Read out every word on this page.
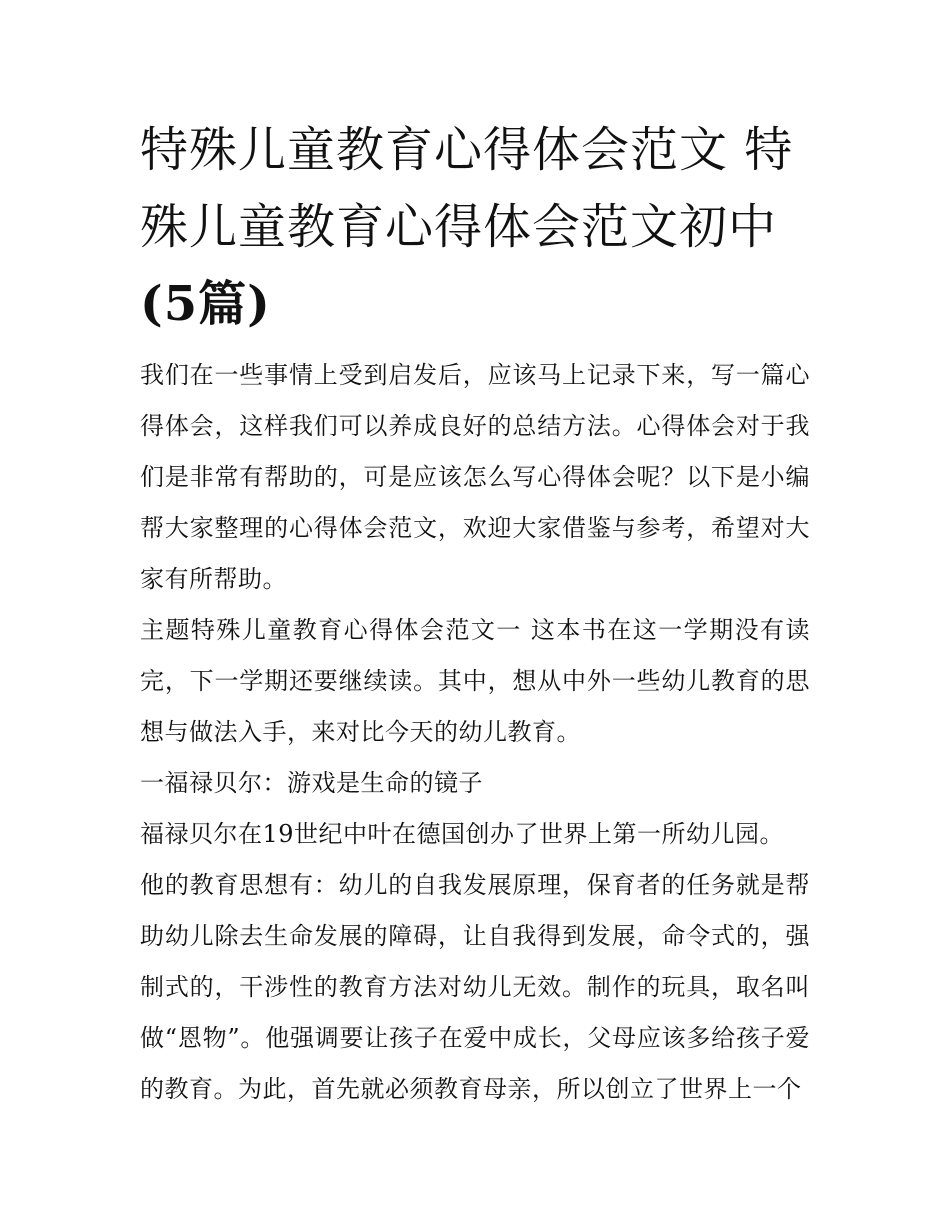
特殊儿童教育心得体会范文 特殊儿童教育心得体会范文初中(5篇)

我们在一些事情上受到启发后，应该马上记录下来，写一篇心得体会，这样我们可以养成良好的总结方法。心得体会对于我们是非常有帮助的，可是应该怎么写心得体会呢？以下是小编帮大家整理的心得体会范文，欢迎大家借鉴与参考，希望对大家有所帮助。

主题特殊儿童教育心得体会范文一 这本书在这一学期没有读完，下一学期还要继续读。其中，想从中外一些幼儿教育的思想与做法入手，来对比今天的幼儿教育。

一福禄贝尔：游戏是生命的镜子

福禄贝尔在19世纪中叶在德国创办了世界上第一所幼儿园。

他的教育思想有：幼儿的自我发展原理，保育者的任务就是帮助幼儿除去生命发展的障碍，让自我得到发展，命令式的，强制式的，干涉性的教育方法对幼儿无效。制作的玩具，取名叫做“恩物”。他强调要让孩子在爱中成长，父母应该多给孩子爱的教育。为此，首先就必须教育母亲，所以创立了世界上一个
